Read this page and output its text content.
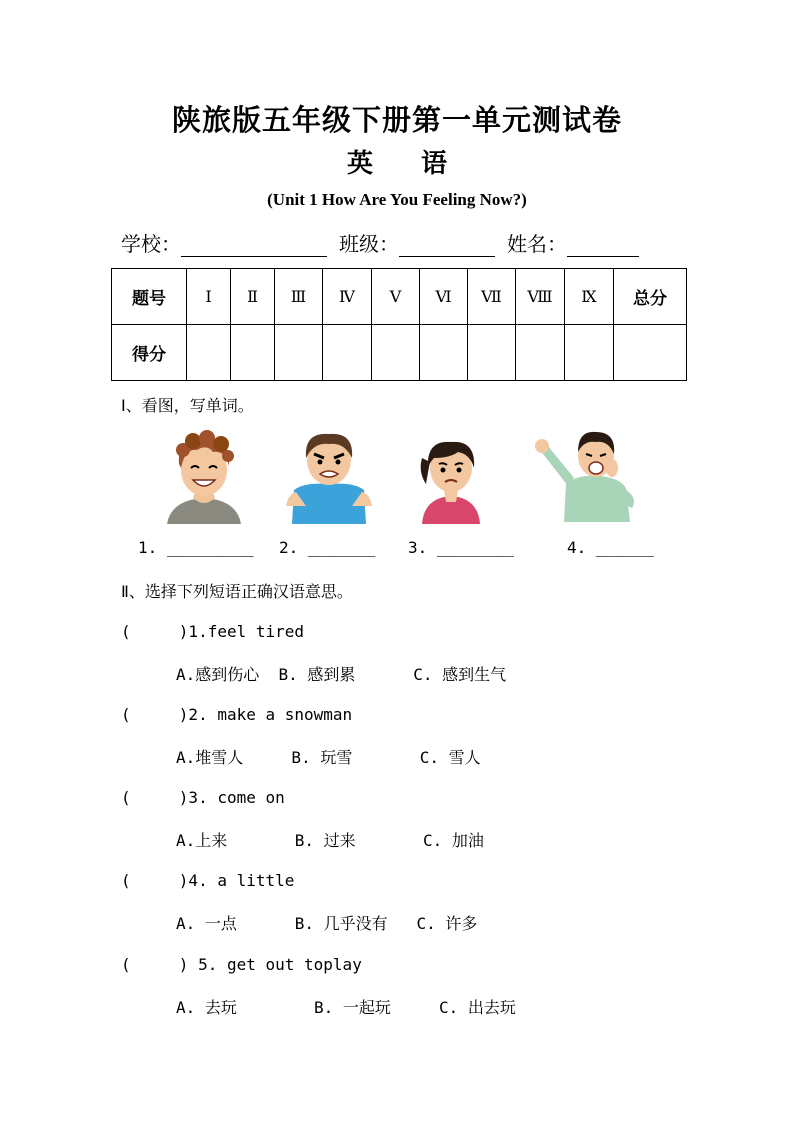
陕旅版五年级下册第一单元测试卷
英 语
(Unit 1 How Are You Feeling Now?)
学校：	班级：	姓名：
题号	Ⅰ	Ⅱ	Ⅲ	Ⅳ	Ⅴ	Ⅵ	Ⅶ	Ⅷ	Ⅸ	总分
得分										
Ⅰ、看图，写单词。
1. _________ 2. _______ 3. ________	4. ______
Ⅱ、选择下列短语正确汉语意思。
(     )1.feel tired
A.感到伤心  B. 感到累      C. 感到生气
(     )2. make a snowman
A.堆雪人     B. 玩雪       C. 雪人
(     )3. come on
A.上来       B. 过来       C. 加油
(     )4. a little
A. 一点      B. 几乎没有   C. 许多
(     ) 5. get out toplay
A. 去玩        B. 一起玩     C. 出去玩
